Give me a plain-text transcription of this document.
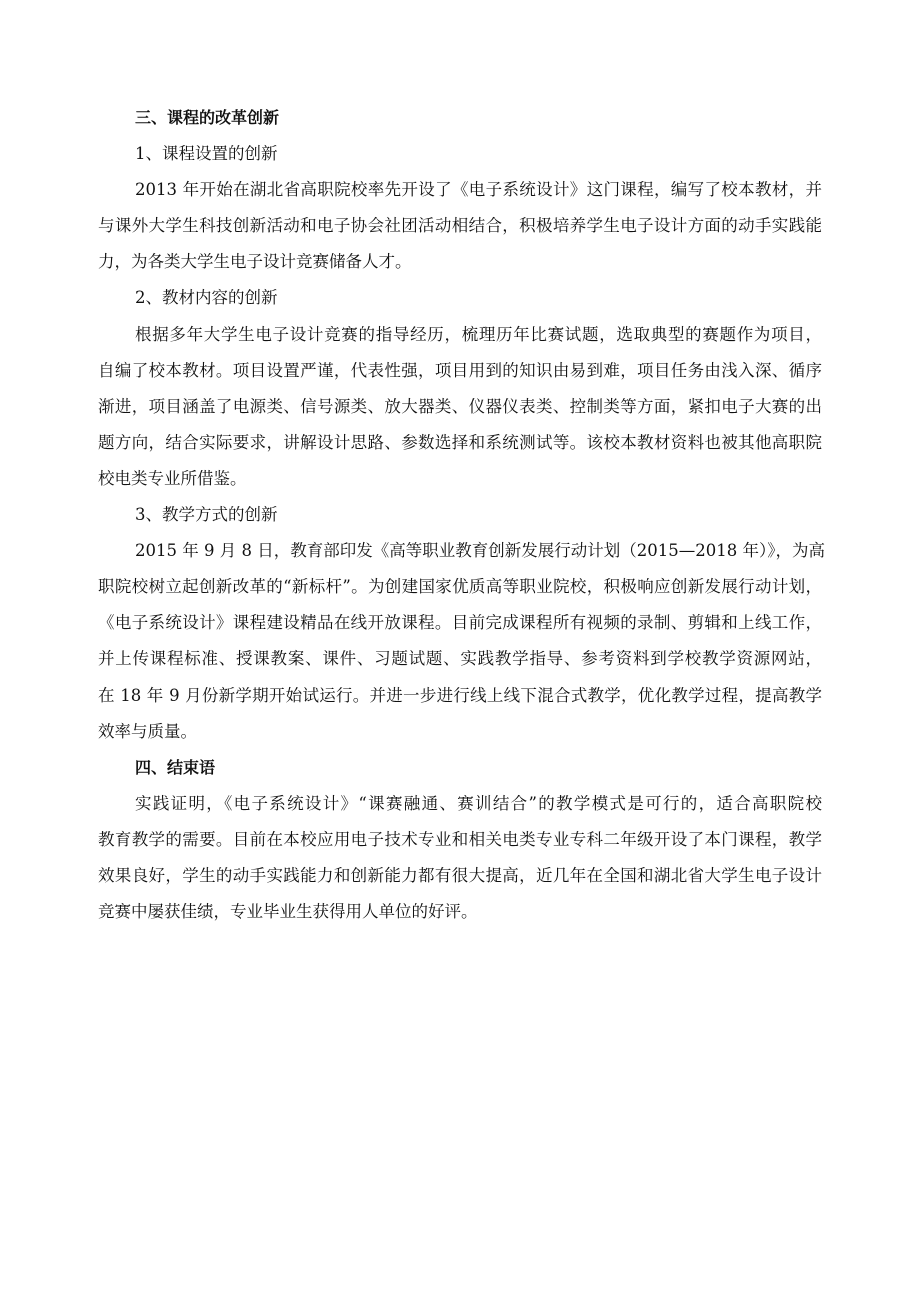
三、课程的改革创新
1、课程设置的创新
2013 年开始在湖北省高职院校率先开设了《电子系统设计》这门课程，编写了校本教材，并
与课外大学生科技创新活动和电子协会社团活动相结合，积极培养学生电子设计方面的动手实践能
力，为各类大学生电子设计竞赛储备人才。
2、教材内容的创新
根据多年大学生电子设计竞赛的指导经历，梳理历年比赛试题，选取典型的赛题作为项目，
自编了校本教材。项目设置严谨，代表性强，项目用到的知识由易到难，项目任务由浅入深、循序
渐进，项目涵盖了电源类、信号源类、放大器类、仪器仪表类、控制类等方面，紧扣电子大赛的出
题方向，结合实际要求，讲解设计思路、参数选择和系统测试等。该校本教材资料也被其他高职院
校电类专业所借鉴。
3、教学方式的创新
2015 年 9 月 8 日，教育部印发《高等职业教育创新发展行动计划（2015—2018 年）》，为高
职院校树立起创新改革的“新标杆”。为创建国家优质高等职业院校，积极响应创新发展行动计划，
《电子系统设计》课程建设精品在线开放课程。目前完成课程所有视频的录制、剪辑和上线工作，
并上传课程标准、授课教案、课件、习题试题、实践教学指导、参考资料到学校教学资源网站，
在 18 年 9 月份新学期开始试运行。并进一步进行线上线下混合式教学，优化教学过程，提高教学
效率与质量。
四、结束语
实践证明，《电子系统设计》“课赛融通、赛训结合”的教学模式是可行的，适合高职院校
教育教学的需要。目前在本校应用电子技术专业和相关电类专业专科二年级开设了本门课程，教学
效果良好，学生的动手实践能力和创新能力都有很大提高，近几年在全国和湖北省大学生电子设计
竞赛中屡获佳绩，专业毕业生获得用人单位的好评。
